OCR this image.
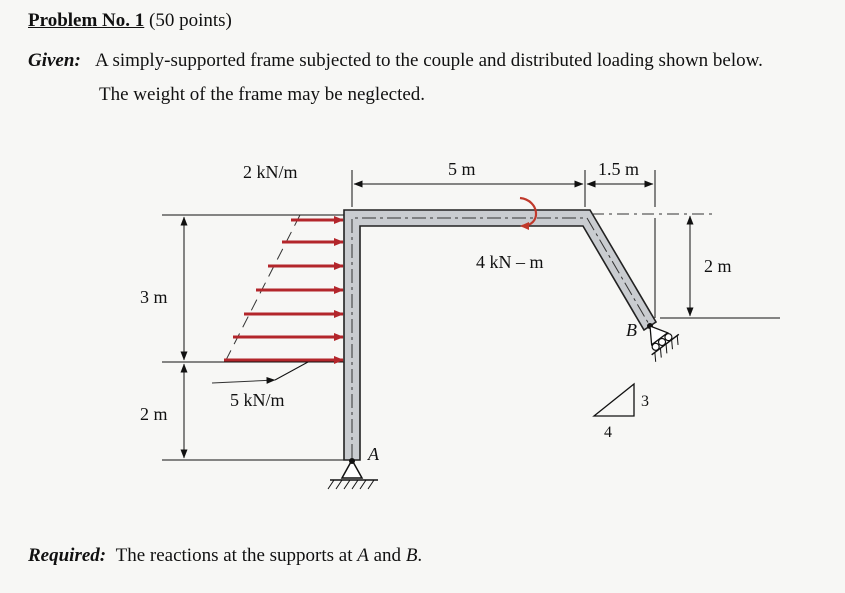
Problem No. 1 (50 points)
Given: A simply-supported frame subjected to the couple and distributed loading shown below.
The weight of the frame may be neglected.
3 m
2 m
2 kN/m
5 kN/m
5 m	1.5 m
2 m
4 kN – m
A
B
4
3
Required: The reactions at the supports at A and B.
